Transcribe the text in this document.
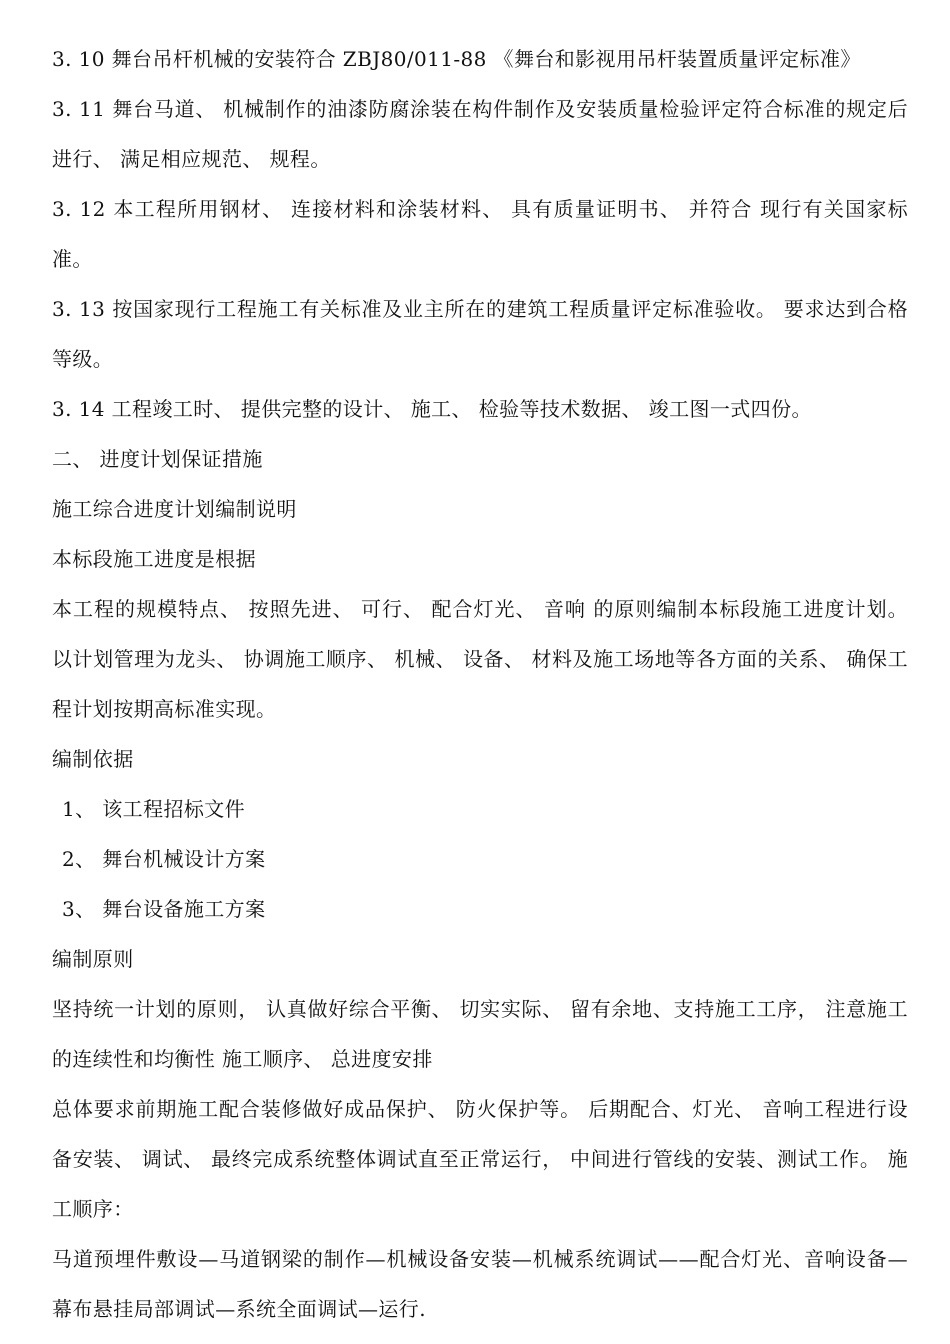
3. 10 舞台吊杆机械的安装符合 ZBJ80/011-88 《舞台和影视用吊杆装置质量评定标准》

3. 11 舞台马道、 机械制作的油漆防腐涂装在构件制作及安装质量检验评定符合标准的规定后进行、 满足相应规范、 规程。

3. 12 本工程所用钢材、 连接材料和涂装材料、 具有质量证明书、 并符合 现行有关国家标准。

3. 13 按国家现行工程施工有关标准及业主所在的建筑工程质量评定标准验收。 要求达到合格等级。

3. 14 工程竣工时、 提供完整的设计、 施工、 检验等技术数据、 竣工图一式四份。

二、 进度计划保证措施

施工综合进度计划编制说明

本标段施工进度是根据

本工程的规模特点、 按照先进、 可行、 配合灯光、 音响 的原则编制本标段施工进度计划。 以计划管理为龙头、 协调施工顺序、 机械、 设备、 材料及施工场地等各方面的关系、 确保工程计划按期高标准实现。

编制依据

1、 该工程招标文件

2、 舞台机械设计方案

3、 舞台设备施工方案

编制原则

坚持统一计划的原则， 认真做好综合平衡、 切实实际、 留有余地、支持施工工序， 注意施工的连续性和均衡性 施工顺序、 总进度安排

总体要求前期施工配合装修做好成品保护、 防火保护等。 后期配合、灯光、 音响工程进行设备安装、 调试、 最终完成系统整体调试直至正常运行， 中间进行管线的安装、测试工作。 施工顺序：

马道预埋件敷设—马道钢梁的制作—机械设备安装—机械系统调试——配合灯光、音响设备—幕布悬挂局部调试—系统全面调试—运行.
